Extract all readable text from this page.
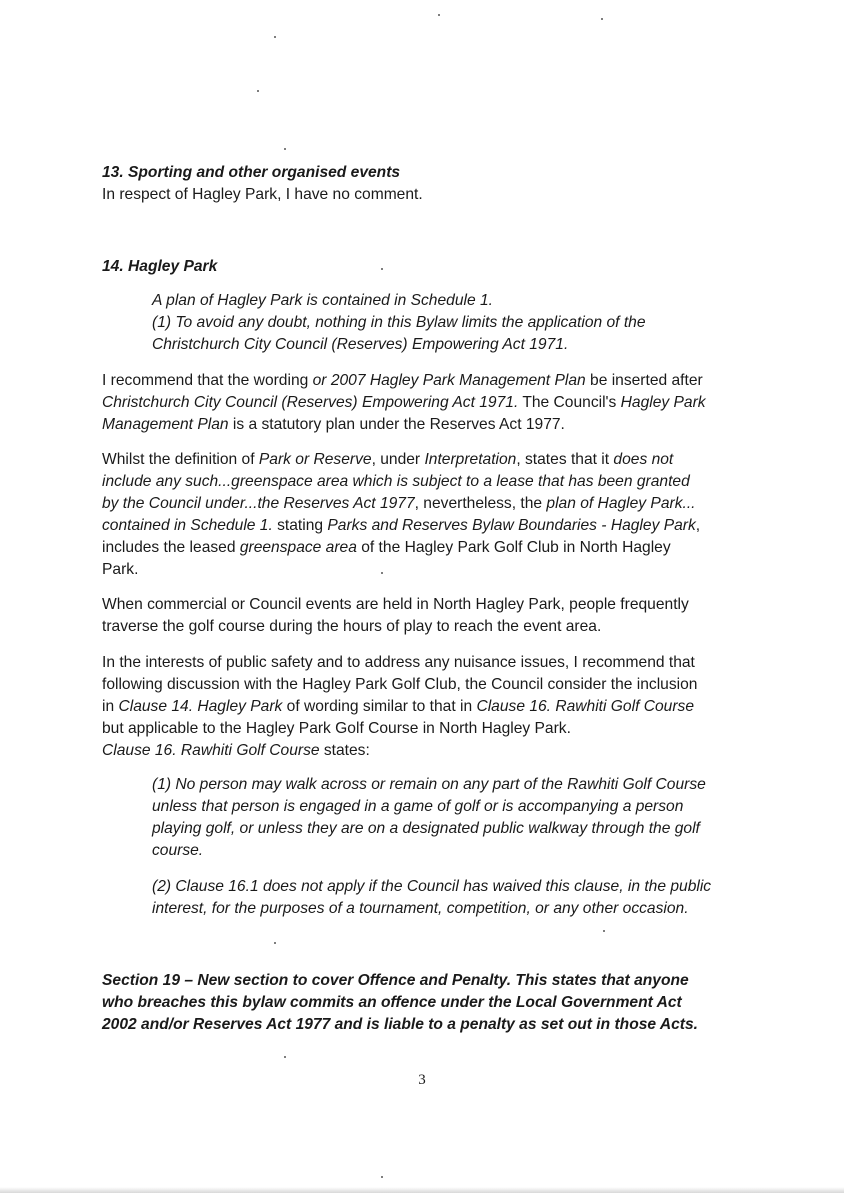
13. Sporting and other organised events

In respect of Hagley Park, I have no comment.

14. Hagley Park

A plan of Hagley Park is contained in Schedule 1.

(1) To avoid any doubt, nothing in this Bylaw limits the application of the

Christchurch City Council (Reserves) Empowering Act 1971.

I recommend that the wording or 2007 Hagley Park Management Plan be inserted after

Christchurch City Council (Reserves) Empowering Act 1971. The Council's Hagley Park

Management Plan is a statutory plan under the Reserves Act 1977.

Whilst the definition of Park or Reserve, under Interpretation, states that it does not

include any such...greenspace area which is subject to a lease that has been granted

by the Council under...the Reserves Act 1977, nevertheless, the plan of Hagley Park...

contained in Schedule 1. stating Parks and Reserves Bylaw Boundaries - Hagley Park,

includes the leased greenspace area of the Hagley Park Golf Club in North Hagley

Park.

When commercial or Council events are held in North Hagley Park, people frequently

traverse the golf course during the hours of play to reach the event area.

In the interests of public safety and to address any nuisance issues, I recommend that

following discussion with the Hagley Park Golf Club, the Council consider the inclusion

in Clause 14. Hagley Park of wording similar to that in Clause 16. Rawhiti Golf Course

but applicable to the Hagley Park Golf Course in North Hagley Park.

Clause 16. Rawhiti Golf Course states:

(1) No person may walk across or remain on any part of the Rawhiti Golf Course

unless that person is engaged in a game of golf or is accompanying a person

playing golf, or unless they are on a designated public walkway through the golf

course.

(2) Clause 16.1 does not apply if the Council has waived this clause, in the public

interest, for the purposes of a tournament, competition, or any other occasion.

Section 19 – New section to cover Offence and Penalty. This states that anyone

who breaches this bylaw commits an offence under the Local Government Act

2002 and/or Reserves Act 1977 and is liable to a penalty as set out in those Acts.

3
